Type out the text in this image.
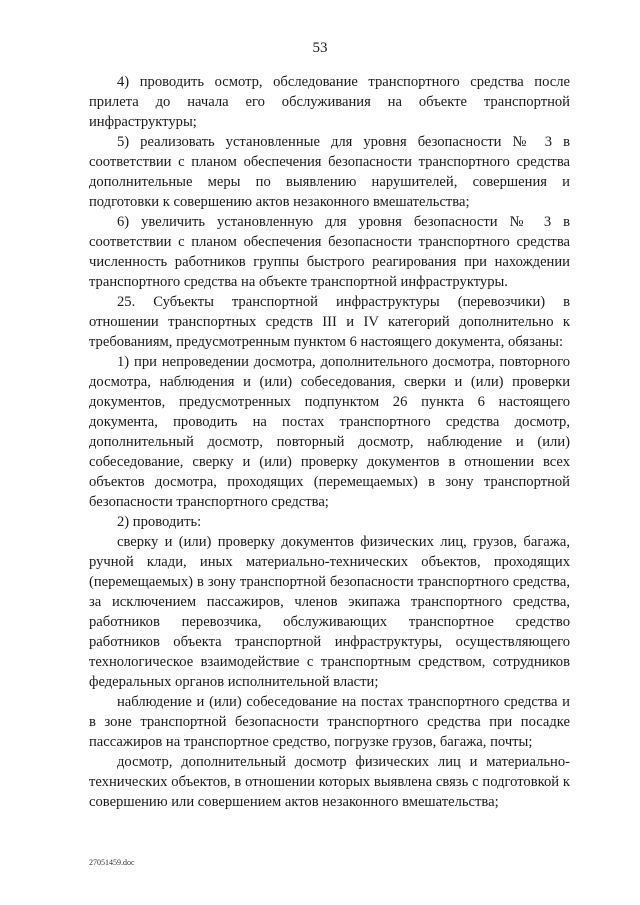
53

4) проводить осмотр, обследование транспортного средства после прилета до начала его обслуживания на объекте транспортной инфраструктуры;

5) реализовать установленные для уровня безопасности № 3 в соответствии с планом обеспечения безопасности транспортного средства дополнительные меры по выявлению нарушителей, совершения и подготовки к совершению актов незаконного вмешательства;

6) увеличить установленную для уровня безопасности № 3 в соответствии с планом обеспечения безопасности транспортного средства численность работников группы быстрого реагирования при нахождении транспортного средства на объекте транспортной инфраструктуры.

25. Субъекты транспортной инфраструктуры (перевозчики) в отношении транспортных средств III и IV категорий дополнительно к требованиям, предусмотренным пунктом 6 настоящего документа, обязаны:

1) при непроведении досмотра, дополнительного досмотра, повторного досмотра, наблюдения и (или) собеседования, сверки и (или) проверки документов, предусмотренных подпунктом 26 пункта 6 настоящего документа, проводить на постах транспортного средства досмотр, дополнительный досмотр, повторный досмотр, наблюдение и (или) собеседование, сверку и (или) проверку документов в отношении всех объектов досмотра, проходящих (перемещаемых) в зону транспортной безопасности транспортного средства;

2) проводить:

сверку и (или) проверку документов физических лиц, грузов, багажа, ручной клади, иных материально-технических объектов, проходящих (перемещаемых) в зону транспортной безопасности транспортного средства, за исключением пассажиров, членов экипажа транспортного средства, работников перевозчика, обслуживающих транспортное средство работников объекта транспортной инфраструктуры, осуществляющего технологическое взаимодействие с транспортным средством, сотрудников федеральных органов исполнительной власти;

наблюдение и (или) собеседование на постах транспортного средства и в зоне транспортной безопасности транспортного средства при посадке пассажиров на транспортное средство, погрузке грузов, багажа, почты;

досмотр, дополнительный досмотр физических лиц и материально-технических объектов, в отношении которых выявлена связь с подготовкой к совершению или совершением актов незаконного вмешательства;

27051459.doc
